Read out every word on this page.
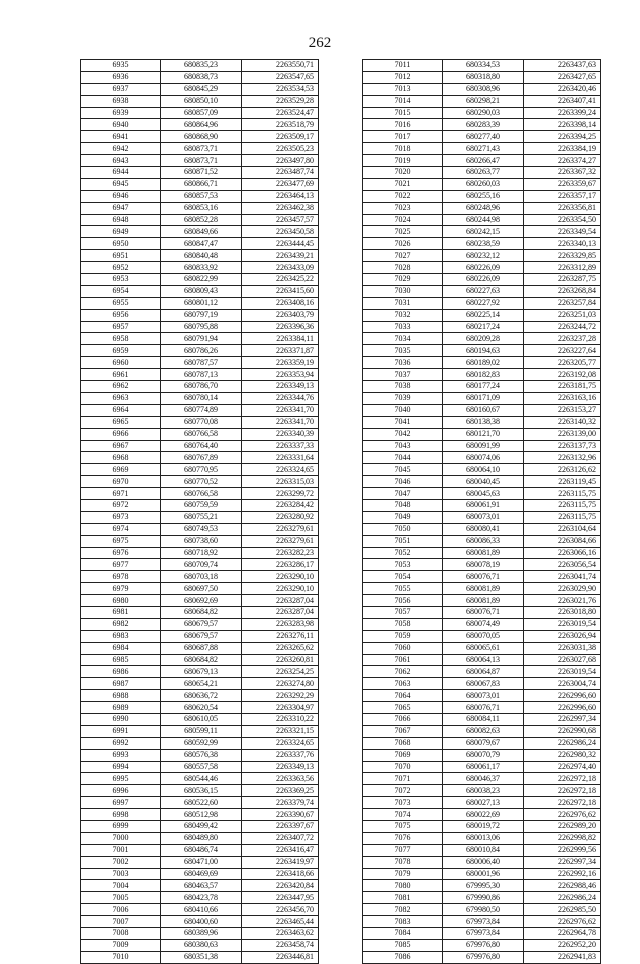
262
6935	680835,23	2263550,71
6936	680838,73	2263547,65
6937	680845,29	2263534,53
6938	680850,10	2263529,28
6939	680857,09	2263524,47
6940	680864,96	2263518,79
6941	680868,90	2263509,17
6942	680873,71	2263505,23
6943	680873,71	2263497,80
6944	680871,52	2263487,74
6945	680866,71	2263477,69
6946	680857,53	2263464,13
6947	680853,16	2263462,38
6948	680852,28	2263457,57
6949	680849,66	2263450,58
6950	680847,47	2263444,45
6951	680840,48	2263439,21
6952	680833,92	2263433,09
6953	680822,99	2263425,22
6954	680809,43	2263415,60
6955	680801,12	2263408,16
6956	680797,19	2263403,79
6957	680795,88	2263396,36
6958	680791,94	2263384,11
6959	680786,26	2263371,87
6960	680787,57	2263359,19
6961	680787,13	2263353,94
6962	680786,70	2263349,13
6963	680780,14	2263344,76
6964	680774,89	2263341,70
6965	680770,08	2263341,70
6966	680766,58	2263340,39
6967	680764,40	2263337,33
6968	680767,89	2263331,64
6969	680770,95	2263324,65
6970	680770,52	2263315,03
6971	680766,58	2263299,72
6972	680759,59	2263284,42
6973	680755,21	2263280,92
6974	680749,53	2263279,61
6975	680738,60	2263279,61
6976	680718,92	2263282,23
6977	680709,74	2263286,17
6978	680703,18	2263290,10
6979	680697,50	2263290,10
6980	680692,69	2263287,04
6981	680684,82	2263287,04
6982	680679,57	2263283,98
6983	680679,57	2263276,11
6984	680687,88	2263265,62
6985	680684,82	2263260,81
6986	680679,13	2263254,25
6987	680654,21	2263274,80
6988	680636,72	2263292,29
6989	680620,54	2263304,97
6990	680610,05	2263310,22
6991	680599,11	2263321,15
6992	680592,99	2263324,65
6993	680576,38	2263337,76
6994	680557,58	2263349,13
6995	680544,46	2263363,56
6996	680536,15	2263369,25
6997	680522,60	2263379,74
6998	680512,98	2263390,67
6999	680499,42	2263397,67
7000	680489,80	2263407,72
7001	680486,74	2263416,47
7002	680471,00	2263419,97
7003	680469,69	2263418,66
7004	680463,57	2263420,84
7005	680423,78	2263447,95
7006	680410,66	2263456,70
7007	680400,60	2263465,44
7008	680389,96	2263463,62
7009	680380,63	2263458,74
7010	680351,38	2263446,81
7011	680334,53	2263437,63
7012	680318,80	2263427,65
7013	680308,96	2263420,46
7014	680298,21	2263407,41
7015	680290,03	2263399,24
7016	680283,39	2263398,14
7017	680277,40	2263394,25
7018	680271,43	2263384,19
7019	680266,47	2263374,27
7020	680263,77	2263367,32
7021	680260,03	2263359,67
7022	680255,16	2263357,17
7023	680248,96	2263356,81
7024	680244,98	2263354,50
7025	680242,15	2263349,54
7026	680238,59	2263340,13
7027	680232,12	2263329,85
7028	680226,09	2263312,89
7029	680226,09	2263287,75
7030	680227,63	2263268,84
7031	680227,92	2263257,84
7032	680225,14	2263251,03
7033	680217,24	2263244,72
7034	680209,28	2263237,28
7035	680194,63	2263227,64
7036	680189,02	2263205,77
7037	680182,83	2263192,08
7038	680177,24	2263181,75
7039	680171,09	2263163,16
7040	680160,67	2263153,27
7041	680138,38	2263140,32
7042	680121,70	2263139,00
7043	680091,99	2263137,73
7044	680074,06	2263132,96
7045	680064,10	2263126,62
7046	680040,45	2263119,45
7047	680045,63	2263115,75
7048	680061,91	2263115,75
7049	680073,01	2263115,75
7050	680080,41	2263104,64
7051	680086,33	2263084,66
7052	680081,89	2263066,16
7053	680078,19	2263056,54
7054	680076,71	2263041,74
7055	680081,89	2263029,90
7056	680081,89	2263021,76
7057	680076,71	2263018,80
7058	680074,49	2263019,54
7059	680070,05	2263026,94
7060	680065,61	2263031,38
7061	680064,13	2263027,68
7062	680064,87	2263019,54
7063	680067,83	2263004,74
7064	680073,01	2262996,60
7065	680076,71	2262996,60
7066	680084,11	2262997,34
7067	680082,63	2262990,68
7068	680079,67	2262986,24
7069	680070,79	2262980,32
7070	680061,17	2262974,40
7071	680046,37	2262972,18
7072	680038,23	2262972,18
7073	680027,13	2262972,18
7074	680022,69	2262976,62
7075	680019,72	2262989,20
7076	680013,06	2262998,82
7077	680010,84	2262999,56
7078	680006,40	2262997,34
7079	680001,96	2262992,16
7080	679995,30	2262988,46
7081	679990,86	2262986,24
7082	679980,50	2262985,50
7083	679973,84	2262976,62
7084	679973,84	2262964,78
7085	679976,80	2262952,20
7086	679976,80	2262941,83
